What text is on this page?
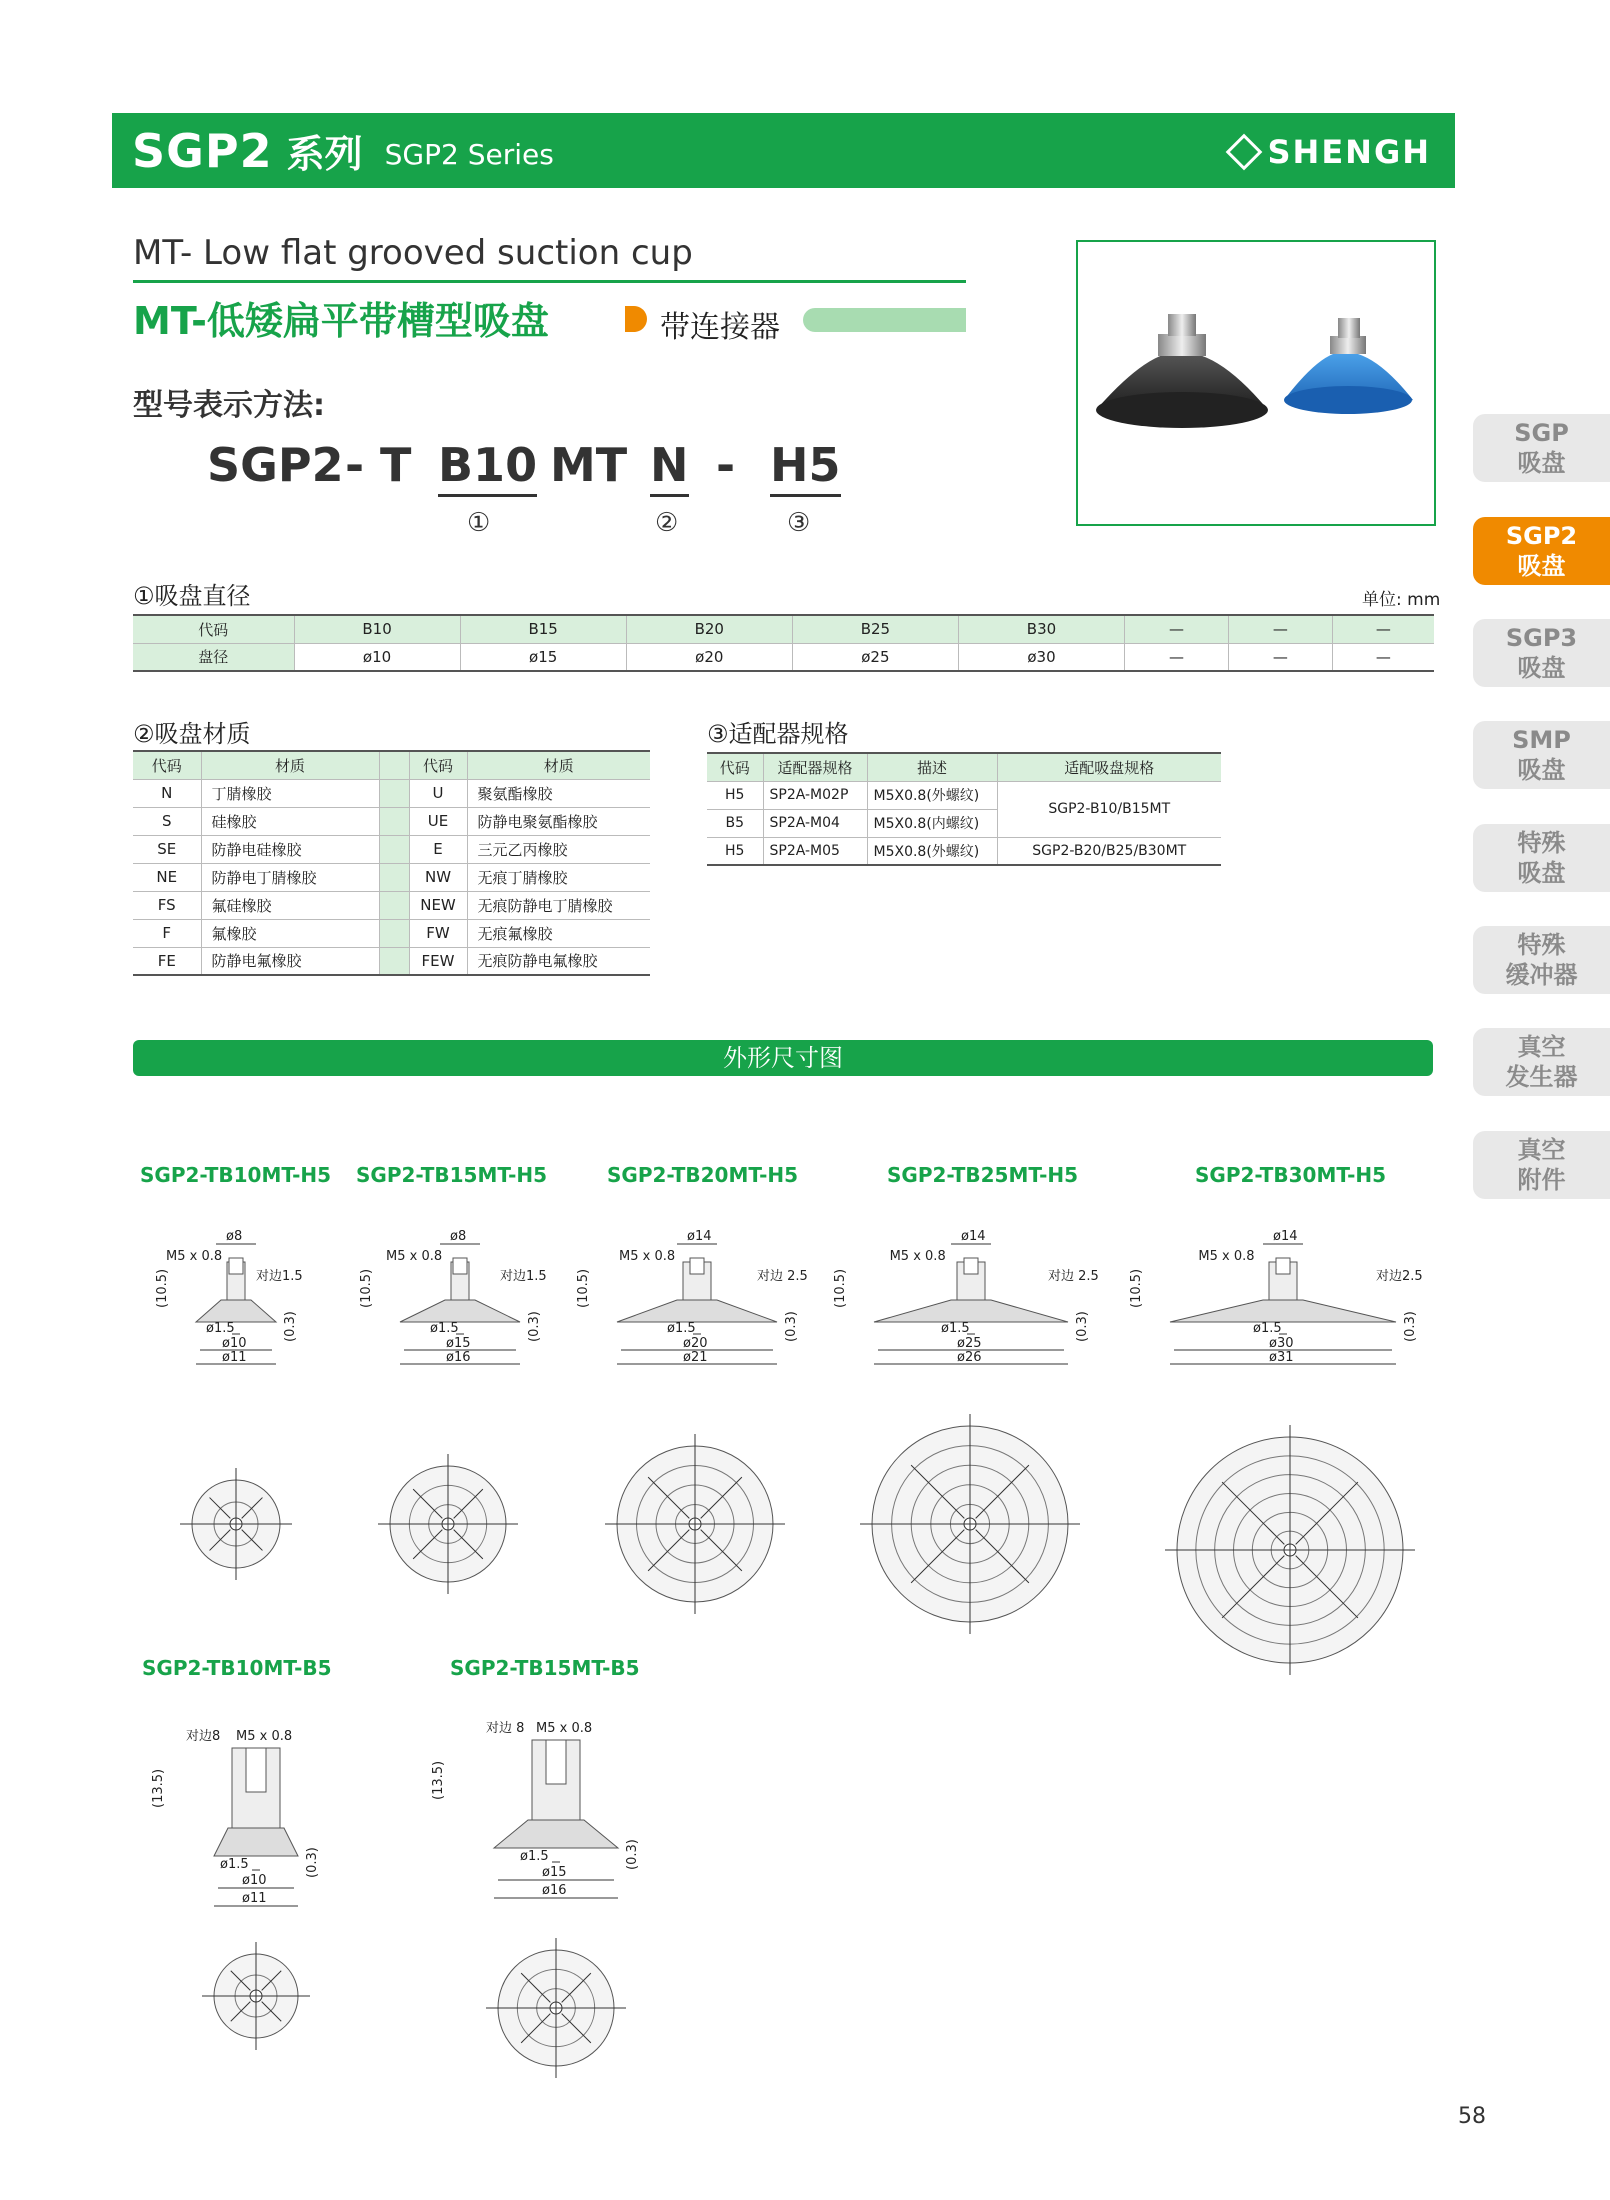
SGP2 系列 SGP2 Series	SHENGH
MT- Low flat grooved suction cup
MT-低矮扁平带槽型吸盘	带连接器
型号表示方法:
SGP2 - T B10 MT N - H5
①	②	③
SGP
吸盘
SGP2
吸盘
SGP3
吸盘
SMP
吸盘
特殊
吸盘
特殊
缓冲器
真空
发生器
真空
附件
①吸盘直径	单位: mm
代码	B10	B15	B20	B25	B30	—	—	—
盘径	ø10	ø15	ø20	ø25	ø30	—	—	—
②吸盘材质
代码	材质		代码	材质
N	丁腈橡胶		U	聚氨酯橡胶
S	硅橡胶		UE	防静电聚氨酯橡胶
SE	防静电硅橡胶		E	三元乙丙橡胶
NE	防静电丁腈橡胶		NW	无痕丁腈橡胶
FS	氟硅橡胶		NEW	无痕防静电丁腈橡胶
F	氟橡胶		FW	无痕氟橡胶
FE	防静电氟橡胶		FEW	无痕防静电氟橡胶
③适配器规格
代码	适配器规格	描述	适配吸盘规格
H5	SP2A-M02P	M5X0.8(外螺纹)	SGP2-B10/B15MT
B5	SP2A-M04	M5X0.8(内螺纹)	
H5	SP2A-M05	M5X0.8(外螺纹)	SGP2-B20/B25/B30MT
外形尺寸图
SGP2-TB10MT-H5 SGP2-TB15MT-H5	SGP2-TB20MT-H5	SGP2-TB25MT-H5	SGP2-TB30MT-H5
SGP2-TB10MT-B5	SGP2-TB15MT-B5
ø1.5
ø10
ø11
ø8
M5 x 0.8
对边1.5
(10.5)
(0.3)	ø1.5
ø15
ø16
ø8
M5 x 0.8
对边1.5
(10.5)
(0.3)	ø1.5
ø20
ø21
ø14
M5 x 0.8
对边 2.5
(10.5)
(0.3)	ø1.5
ø25
ø26
ø14
M5 x 0.8
对边 2.5
(10.5)
(0.3)	ø1.5
ø30
ø31
ø14
M5 x 0.8
对边2.5
(10.5)
(0.3)
对边8 M5 x 0.8
ø1.5
ø10
ø11
(13.5)
(0.3)
对边 8 M5 x 0.8
ø1.5
ø15
ø16
(13.5)
(0.3)
58
